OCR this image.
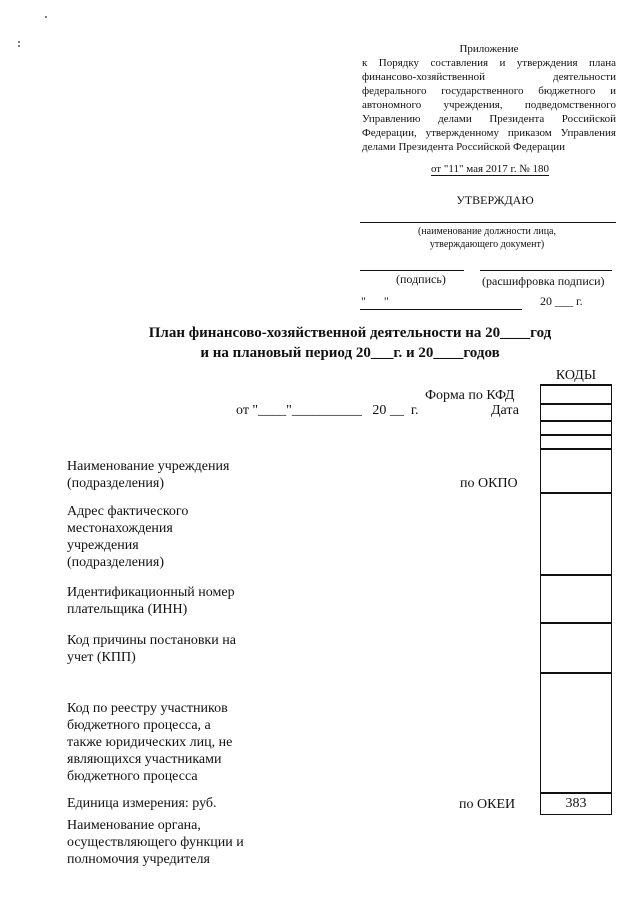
Приложение
к Порядку составления и утверждения плана финансово-хозяйственной деятельности федерального государственного бюджетного и автономного учреждения, подведомственного Управлению делами Президента Российской Федерации, утвержденному приказом Управления делами Президента Российской Федерации
от "11" мая 2017 г. № 180
УТВЕРЖДАЮ
(наименование должности лица, утверждающего документ)
(подпись)	(расшифровка подписи)
"      "	20 ___ г.
План финансово-хозяйственной деятельности на 20____год
и на плановый период 20___г. и 20____годов
КОДЫ
383
Форма по КФД
Дата
от "____"__________   20 __  г.
по ОКПО
по ОКЕИ
Наименование учреждения (подразделения)
Адрес фактического местонахождения учреждения (подразделения)
Идентификационный номер плательщика (ИНН)
Код причины постановки на учет (КПП)
Код по реестру участников бюджетного процесса, а также юридических лиц, не являющихся участниками бюджетного процесса
Единица измерения: руб.
Наименование органа, осуществляющего функции и полномочия учредителя
